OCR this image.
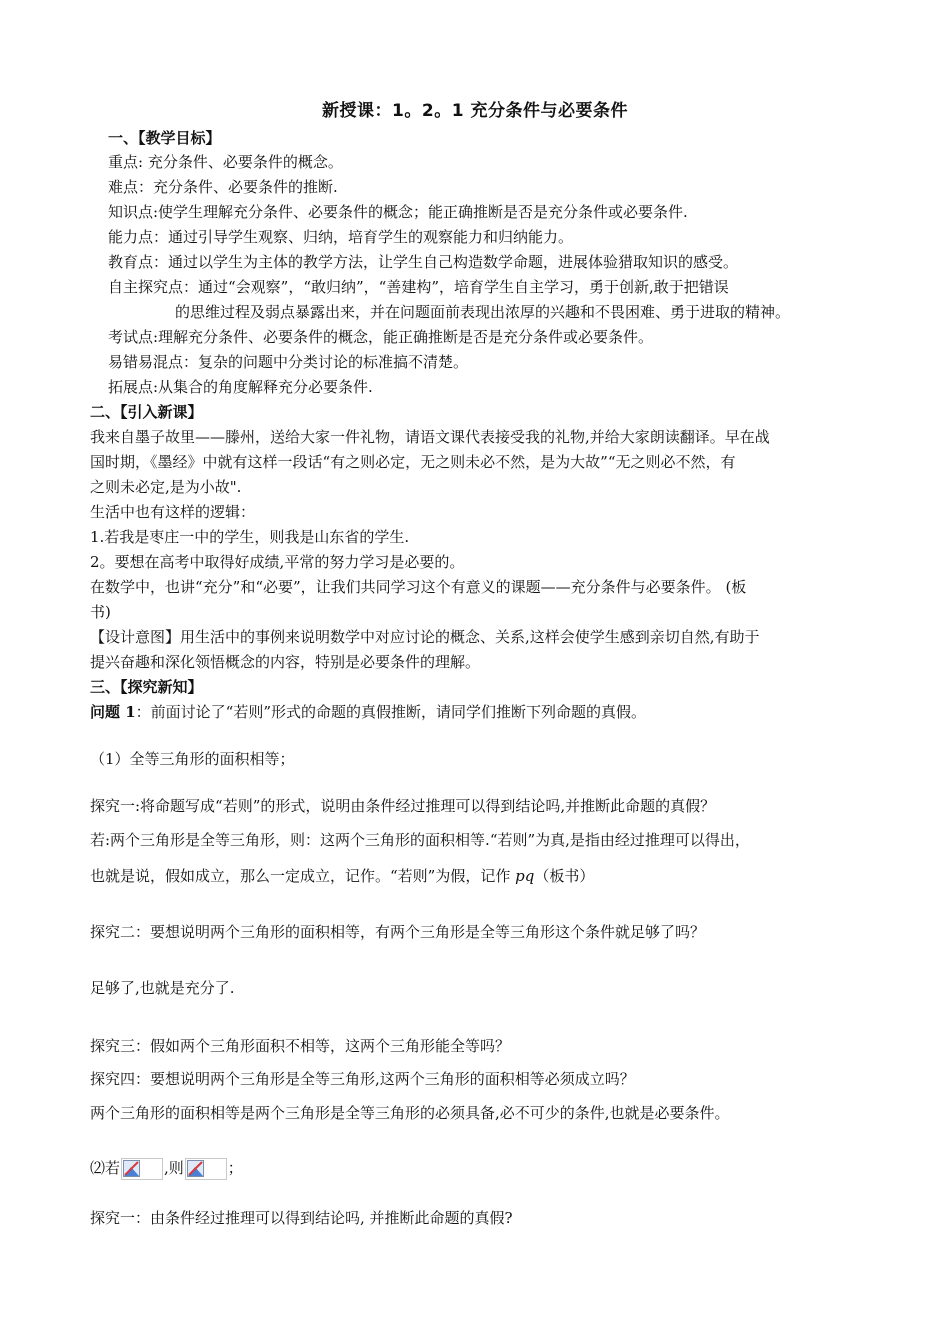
新授课：1。2。1 充分条件与必要条件
一、【教学目标】
重点: 充分条件、必要条件的概念。
难点：充分条件、必要条件的推断.
知识点:使学生理解充分条件、必要条件的概念；能正确推断是否是充分条件或必要条件.
能力点：通过引导学生观察、归纳，培育学生的观察能力和归纳能力。
教育点：通过以学生为主体的教学方法，让学生自己构造数学命题，进展体验猎取知识的感受。
自主探究点：通过“会观察”，“敢归纳”，“善建构”，培育学生自主学习，勇于创新,敢于把错误
的思维过程及弱点暴露出来，并在问题面前表现出浓厚的兴趣和不畏困难、勇于进取的精神。
考试点:理解充分条件、必要条件的概念，能正确推断是否是充分条件或必要条件。
易错易混点：复杂的问题中分类讨论的标准搞不清楚。
拓展点:从集合的角度解释充分必要条件.
二、【引入新课】
我来自墨子故里——滕州，送给大家一件礼物，请语文课代表接受我的礼物,并给大家朗读翻译。早在战
国时期，《墨经》中就有这样一段话“有之则必定，无之则未必不然，是为大故”“无之则必不然，有
之则未必定,是为小故".
生活中也有这样的逻辑：
1.若我是枣庄一中的学生，则我是山东省的学生.
2。要想在高考中取得好成绩,平常的努力学习是必要的。
在数学中，也讲“充分”和“必要”，让我们共同学习这个有意义的课题——充分条件与必要条件。 (板
书)
【设计意图】用生活中的事例来说明数学中对应讨论的概念、关系,这样会使学生感到亲切自然,有助于
提兴奋趣和深化领悟概念的内容，特别是必要条件的理解。
三、【探究新知】
问题 1：前面讨论了“若则”形式的命题的真假推断，请同学们推断下列命题的真假。
（1）全等三角形的面积相等；
探究一:将命题写成“若则”的形式，说明由条件经过推理可以得到结论吗,并推断此命题的真假？
若:两个三角形是全等三角形，则：这两个三角形的面积相等.“若则”为真,是指由经过推理可以得出，
也就是说，假如成立，那么一定成立，记作。“若则”为假，记作 pq（板书）
探究二：要想说明两个三角形的面积相等，有两个三角形是全等三角形这个条件就足够了吗？
足够了,也就是充分了.
探究三：假如两个三角形面积不相等，这两个三角形能全等吗？
探究四：要想说明两个三角形是全等三角形,这两个三角形的面积相等必须成立吗？
两个三角形的面积相等是两个三角形是全等三角形的必须具备,必不可少的条件,也就是必要条件。
⑵若	,则	；
探究一：由条件经过推理可以得到结论吗, 并推断此命题的真假?
